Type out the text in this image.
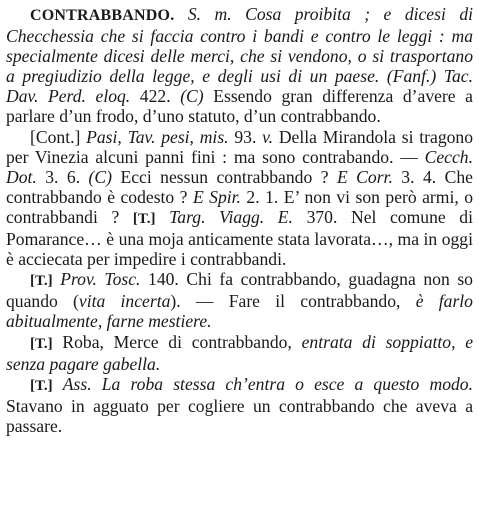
CONTRABBANDO. S. m. Cosa proibita ; e dicesi di Checchessia che si faccia contro i bandi e contro le leggi : ma specialmente dicesi delle merci, che si vendono, o si trasportano a pregiudizio della legge, e degli usi di un paese. (Fanf.) Tac. Dav. Perd. eloq. 422. (C) Essendo gran differenza d’avere a parlare d’un frodo, d’uno statuto, d’un contrabbando.

[Cont.] Pasi, Tav. pesi, mis. 93. v. Della Mirandola si tragono per Vinezia alcuni panni fini : ma sono contrabando. — Cecch. Dot. 3. 6. (C) Ecci nessun contrabbando ? E Corr. 3. 4. Che contrabbando è codesto ? E Spir. 2. 1. E’ non vi son però armi, o contrabbandi ? [T.] Targ. Viagg. E. 370. Nel comune di Pomarance… è una moja anticamente stata lavorata…, ma in oggi è acciecata per impedire i contrabbandi.

[T.] Prov. Tosc. 140. Chi fa contrabbando, guadagna non so quando (vita incerta). — Fare il contrabbando, è farlo abitualmente, farne mestiere.

[T.] Roba, Merce di contrabbando, entrata di soppiatto, e senza pagare gabella.

[T.] Ass. La roba stessa ch’entra o esce a questo modo. Stavano in agguato per cogliere un contrabbando che aveva a passare.
